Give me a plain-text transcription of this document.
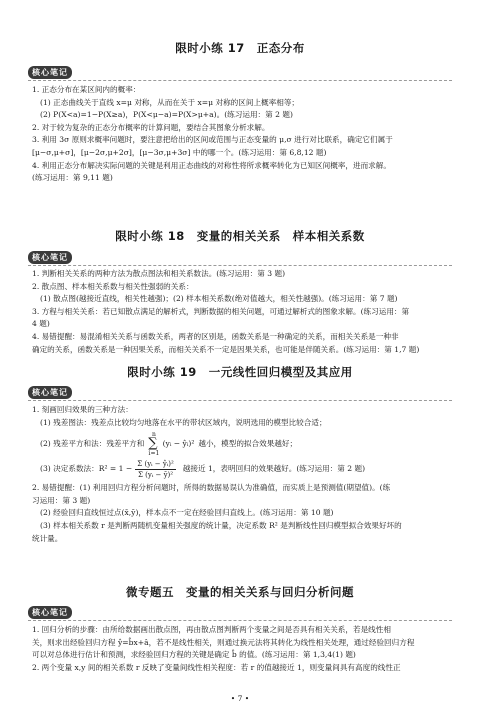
限时小练 17　正态分布
核心笔记

1. 正态分布在某区间内的概率：

(1) 正态曲线关于直线 x=μ 对称，从而在关于 x=μ 对称的区间上概率相等；

(2) P(X<a)=1−P(X≥a)，P(X<μ−a)=P(X>μ+a)。(练习运用：第 2 题)

2. 对于较为复杂的正态分布概率的计算问题，要结合其图象分析求解。

3. 利用 3σ 原则求概率问题时，要注意把给出的区间或范围与正态变量的 μ,σ 进行对比联系，确定它们属于

[μ−σ,μ+σ]，[μ−2σ,μ+2σ]，[μ−3σ,μ+3σ] 中的哪一个。(练习运用：第 6,8,12 题)

4. 利用正态分布解决实际问题的关键是利用正态曲线的对称性将所求概率转化为已知区间概率，进而求解。

(练习运用：第 9,11 题)

限时小练 18　变量的相关关系　样本相关系数
核心笔记

1. 判断相关关系的两种方法为散点图法和相关系数法。(练习运用：第 3 题)

2. 散点图、样本相关系数与相关性强弱的关系：

(1) 散点图(越接近直线，相关性越强)；(2) 样本相关系数(绝对值越大，相关性越强)。(练习运用：第 7 题)

3. 方程与相关关系：若已知散点满足的解析式，判断数据的相关问题，可通过解析式的图象求解。(练习运用：第

4 题)

4. 易错提醒：易混淆相关关系与函数关系，两者的区别是，函数关系是一种确定的关系，而相关关系是一种非

确定的关系，函数关系是一种因果关系，而相关关系不一定是因果关系，也可能是伴随关系。(练习运用：第 1,7 题)

限时小练 19　一元线性回归模型及其应用
核心笔记

1. 刻画回归效果的三种方法：

(1) 残差图法：残差点比较均匀地落在水平的带状区域内，说明选用的模型比较合适；

(2) 残差平方和法：残差平方和
n
∑
i=1
(yᵢ − ŷᵢ)² 越小，模型的拟合效果越好；
(3) 决定系数法：$R^2 = 1 - \frac{\text{Σ (yᵢ − ŷᵢ)²}}{\text{Σ (yᵢ − ȳ)²}}$ 越接近 1，表明回归的效果越好。(练习运用：第 2 题)

2. 易错提醒：(1) 利用回归方程分析问题时，所得的数据易误认为准确值，而实质上是预测值(期望值)。(练

习运用：第 3 题)

(2) 经验回归直线恒过点(x̄,ȳ)，样本点不一定在经验回归直线上。(练习运用：第 10 题)

(3) 样本相关系数 r 是判断两随机变量相关强度的统计量，决定系数 R² 是判断线性回归模型拟合效果好坏的

统计量。

微专题五　变量的相关关系与回归分析问题
核心笔记

1. 回归分析的步骤：由所给数据画出散点图，再由散点图判断两个变量之间是否具有相关关系，若是线性相

关，则求出经验回归方程 ŷ=b̂x+â，若不是线性相关，则通过换元法将其转化为线性相关处理，通过经验回归方程

可以对总体进行估计和预测，求经验回归方程的关键是确定 b̂ 的值。(练习运用：第 1,3,4(1) 题)

2. 两个变量 x,y 间的相关系数 r 反映了变量间线性相关程度：若 r 的值越接近 1，则变量间具有高度的线性正

• 7 •
